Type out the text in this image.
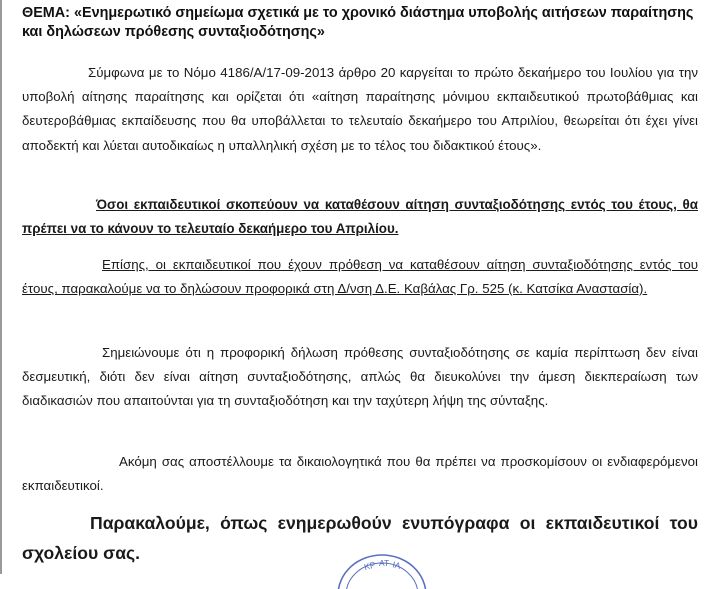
ΘΕΜΑ: «Ενημερωτικό σημείωμα σχετικά με το χρονικό διάστημα υποβολής αιτήσεων παραίτησης και δηλώσεων πρόθεσης συνταξιοδότησης»
Σύμφωνα με το Νόμο 4186/Α/17-09-2013 άρθρο 20 καργείται το πρώτο δεκαήμερο του Ιουλίου για την υποβολή αίτησης παραίτησης και ορίζεται ότι «αίτηση παραίτησης μόνιμου εκπαιδευτικού πρωτοβάθμιας και δευτεροβάθμιας εκπαίδευσης που θα υποβάλλεται το τελευταίο δεκαήμερο του Απριλίου, θεωρείται ότι έχει γίνει αποδεκτή και λύεται αυτοδικαίως η υπαλληλική σχέση με το τέλος του διδακτικού έτους».
Όσοι εκπαιδευτικοί σκοπεύουν να καταθέσουν αίτηση συνταξιοδότησης εντός του έτους, θα πρέπει να το κάνουν το τελευταίο δεκαήμερο του Απριλίου.
Επίσης, οι εκπαιδευτικοί που έχουν πρόθεση να καταθέσουν αίτηση συνταξιοδότησης εντός του έτους, παρακαλούμε να το δηλώσουν προφορικά στη Δ/νση Δ.Ε. Καβάλας Γρ. 525 (κ. Κατσίκα Αναστασία).
Σημειώνουμε ότι η προφορική δήλωση πρόθεσης συνταξιοδότησης σε καμία περίπτωση δεν είναι δεσμευτική, διότι δεν είναι αίτηση συνταξιοδότησης, απλώς θα διευκολύνει την άμεση διεκπεραίωση των διαδικασιών που απαιτούνται για τη συνταξιοδότηση και την ταχύτερη λήψη της σύνταξης.
Ακόμη σας αποστέλλουμε τα δικαιολογητικά που θα πρέπει να προσκομίσουν οι ενδιαφερόμενοι εκπαιδευτικοί.
Παρακαλούμε, όπως ενημερωθούν ενυπόγραφα οι εκπαιδευτικοί του σχολείου σας.
ΚΡ ΑΤ ΙΑ
